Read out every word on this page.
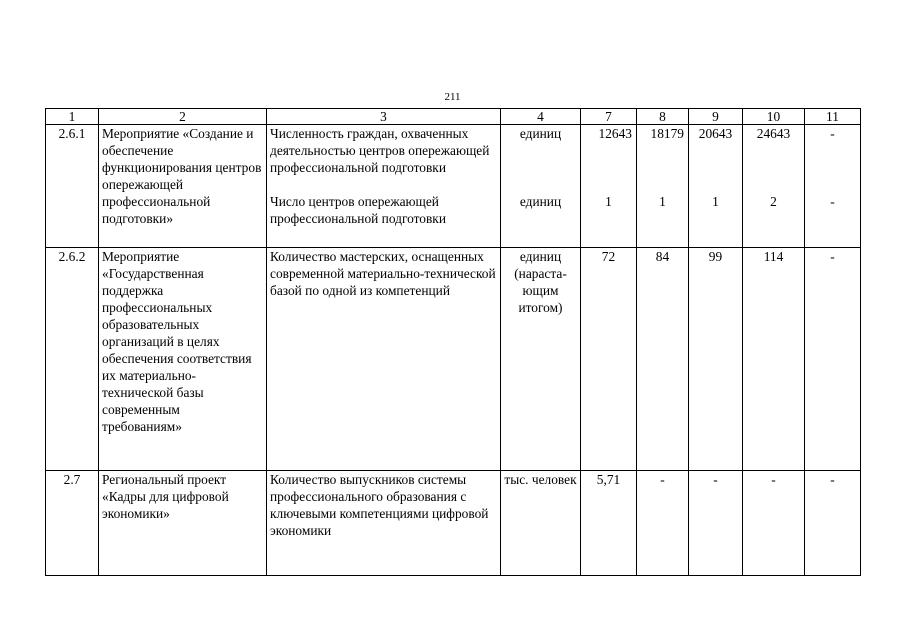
211
1	2	3	4	7	8	9	10	11
2.6.1	Мероприятие «Создание и обеспечение функционирования центров опережающей профессиональной подготовки»	Численность граждан, охваченных деятельностью центров опережающей профессиональной подготовки	единиц	12643	18179	20643	24643	-
		Число центров опережающей профессиональной подготовки	единиц	1	1	1	2	-
2.6.2	Мероприятие «Государственная поддержка профессиональных образовательных организаций в целях обеспечения соответствия их материально-технической базы современным требованиям»	Количество мастерских, оснащенных современной материально-технической базой по одной из компетенций	единиц (нараста-ющим итогом)	72	84	99	114	-
2.7	Региональный проект «Кадры для цифровой экономики»	Количество выпускников системы профессионального образования с ключевыми компетенциями цифровой экономики	тыс. человек	5,71	-	-	-	-
